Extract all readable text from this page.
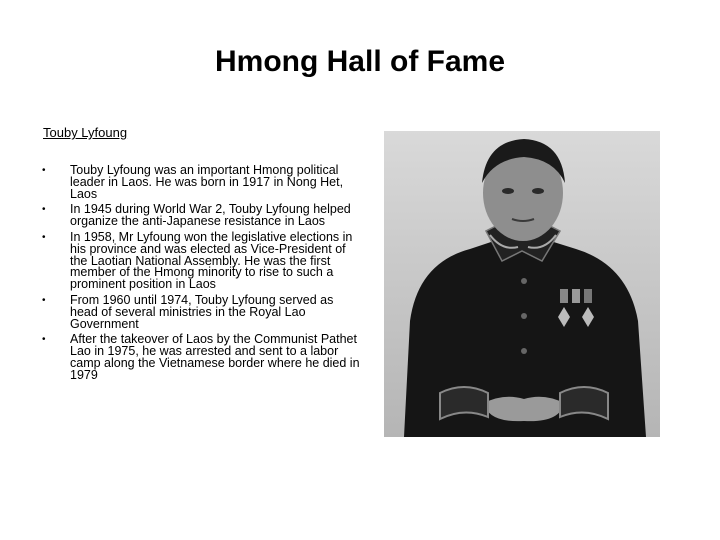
Hmong Hall of Fame
Touby Lyfoung
•	Touby Lyfoung was an important Hmong political leader in Laos. He was born in 1917 in Nong Het, Laos
•	In 1945 during World War 2, Touby Lyfoung helped organize the anti-Japanese resistance in Laos
•	In 1958, Mr Lyfoung won the legislative elections in his province and was elected as Vice-President of the Laotian National Assembly. He was the first member of the Hmong minority to rise to such a prominent position in Laos
•	From 1960 until 1974, Touby Lyfoung served as head of several ministries in the Royal Lao Government
•	After the takeover of Laos by the Communist Pathet Lao in 1975, he was arrested and sent to a labor camp along the Vietnamese border where he died in 1979
